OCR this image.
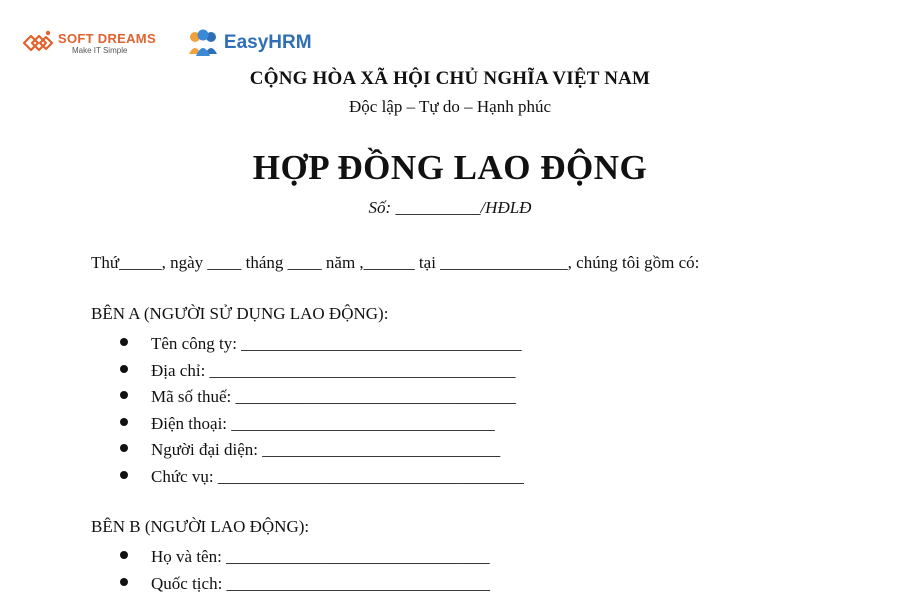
SOFT DREAMS
Make IT Simple	EasyHRM
CỘNG HÒA XÃ HỘI CHỦ NGHĨA VIỆT NAM
Độc lập – Tự do – Hạnh phúc
HỢP ĐỒNG LAO ĐỘNG
Số: __________/HĐLĐ
Thứ_____, ngày ____ tháng ____ năm ,______ tại _______________, chúng tôi gồm có:
BÊN A (NGƯỜI SỬ DỤNG LAO ĐỘNG):
Tên công ty: _________________________________
Địa chỉ: ____________________________________
Mã số thuế: _________________________________
Điện thoại: _______________________________
Người đại diện: ____________________________
Chức vụ: ____________________________________
BÊN B (NGƯỜI LAO ĐỘNG):
Họ và tên: _______________________________
Quốc tịch: _______________________________
